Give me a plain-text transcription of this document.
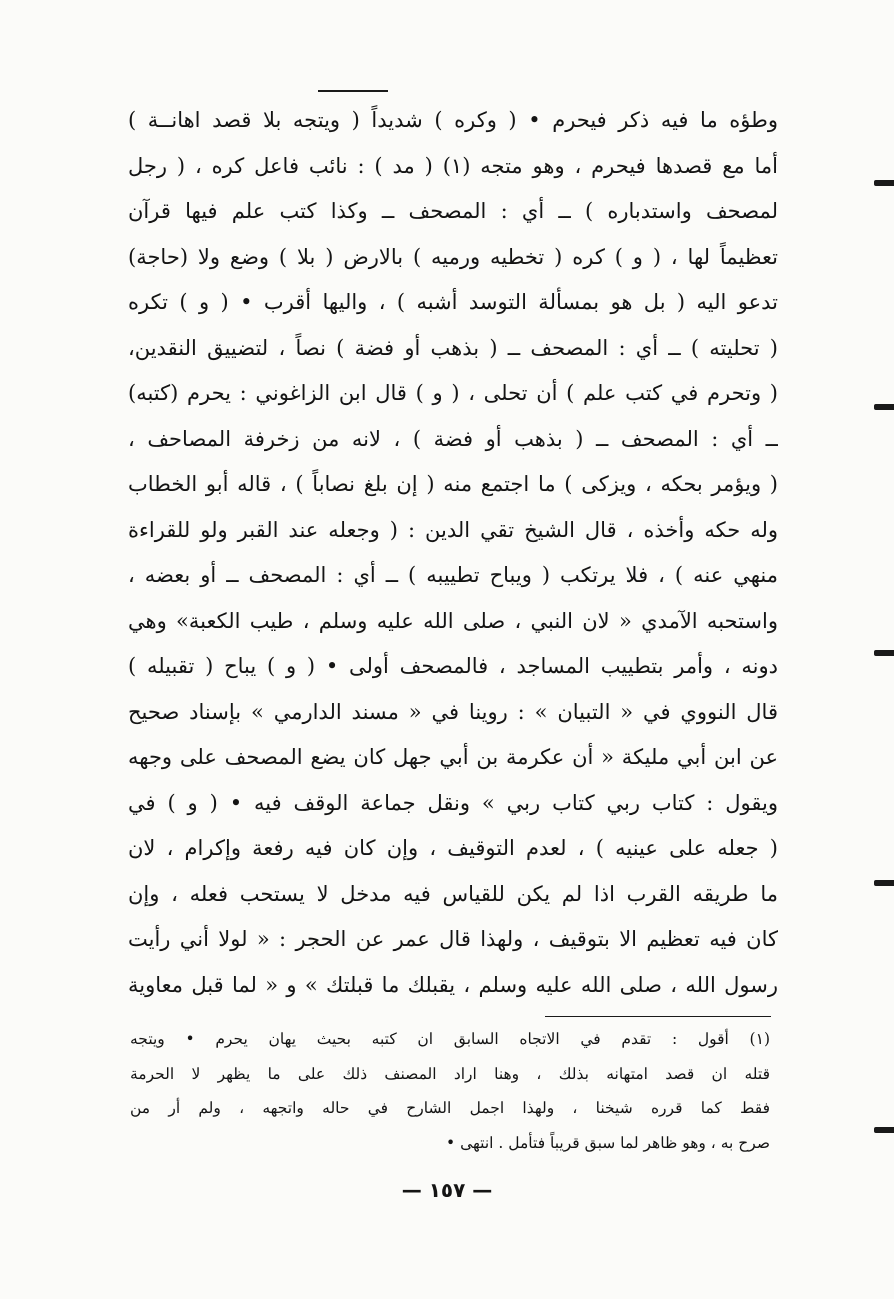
وطؤه ما فيه ذكر فيحرم • ( وكره ) شديداً ( ويتجه بلا قصد اهانــة )
أما مع قصدها فيحرم ، وهو متجه (١) ( مد ) : نائب فاعل كره ، ( رجل
لمصحف واستدباره ) ــ أي : المصحف ــ وكذا كتب علم فيها قرآن
تعظيماً لها ، ( و ) كره ( تخطيه ورميه ) بالارض ( بلا ) وضع ولا (حاجة)
تدعو اليه ( بل هو بمسألة التوسد أشبه ) ، واليها أقرب • ( و ) تكره
( تحليته ) ــ أي : المصحف ــ ( بذهب أو فضة ) نصاً ، لتضييق النقدين،
( وتحرم في كتب علم ) أن تحلى ، ( و ) قال ابن الزاغوني : يحرم (كتبه)
ــ أي : المصحف ــ ( بذهب أو فضة ) ، لانه من زخرفة المصاحف ،
( ويؤمر بحكه ، ويزكى ) ما اجتمع منه ( إن بلغ نصاباً ) ، قاله أبو الخطاب
وله حكه وأخذه ، قال الشيخ تقي الدين : ( وجعله عند القبر ولو للقراءة
منهي عنه ) ، فلا يرتكب ( ويباح تطييبه ) ــ أي : المصحف ــ أو بعضه ،
واستحبه الآمدي « لان النبي ، صلى الله عليه وسلم ، طيب الكعبة» وهي
دونه ، وأمر بتطييب المساجد ، فالمصحف أولى • ( و ) يباح ( تقبيله )
قال النووي في « التبيان » : روينا في « مسند الدارمي » بإسناد صحيح
عن ابن أبي مليكة « أن عكرمة بن أبي جهل كان يضع المصحف على وجهه
ويقول : كتاب ربي كتاب ربي » ونقل جماعة الوقف فيه • ( و ) في
( جعله على عينيه ) ، لعدم التوقيف ، وإن كان فيه رفعة وإكرام ، لان
ما طريقه القرب اذا لم يكن للقياس فيه مدخل لا يستحب فعله ، وإن
كان فيه تعظيم الا بتوقيف ، ولهذا قال عمر عن الحجر : « لولا أني رأيت
رسول الله ، صلى الله عليه وسلم ، يقبلك ما قبلتك » و « لما قبل معاوية
(١) أقول : تقدم في الاتجاه السابق ان كتبه بحيث يهان يحرم • ويتجه
قتله ان قصد امتهانه بذلك ، وهنا اراد المصنف ذلك على ما يظهر لا الحرمة
فقط كما قرره شيخنا ، ولهذا اجمل الشارح في حاله واتجهه ، ولم أر من
صرح به ، وهو ظاهر لما سبق قريباً فتأمل . انتهى •
— ١٥٧ —
